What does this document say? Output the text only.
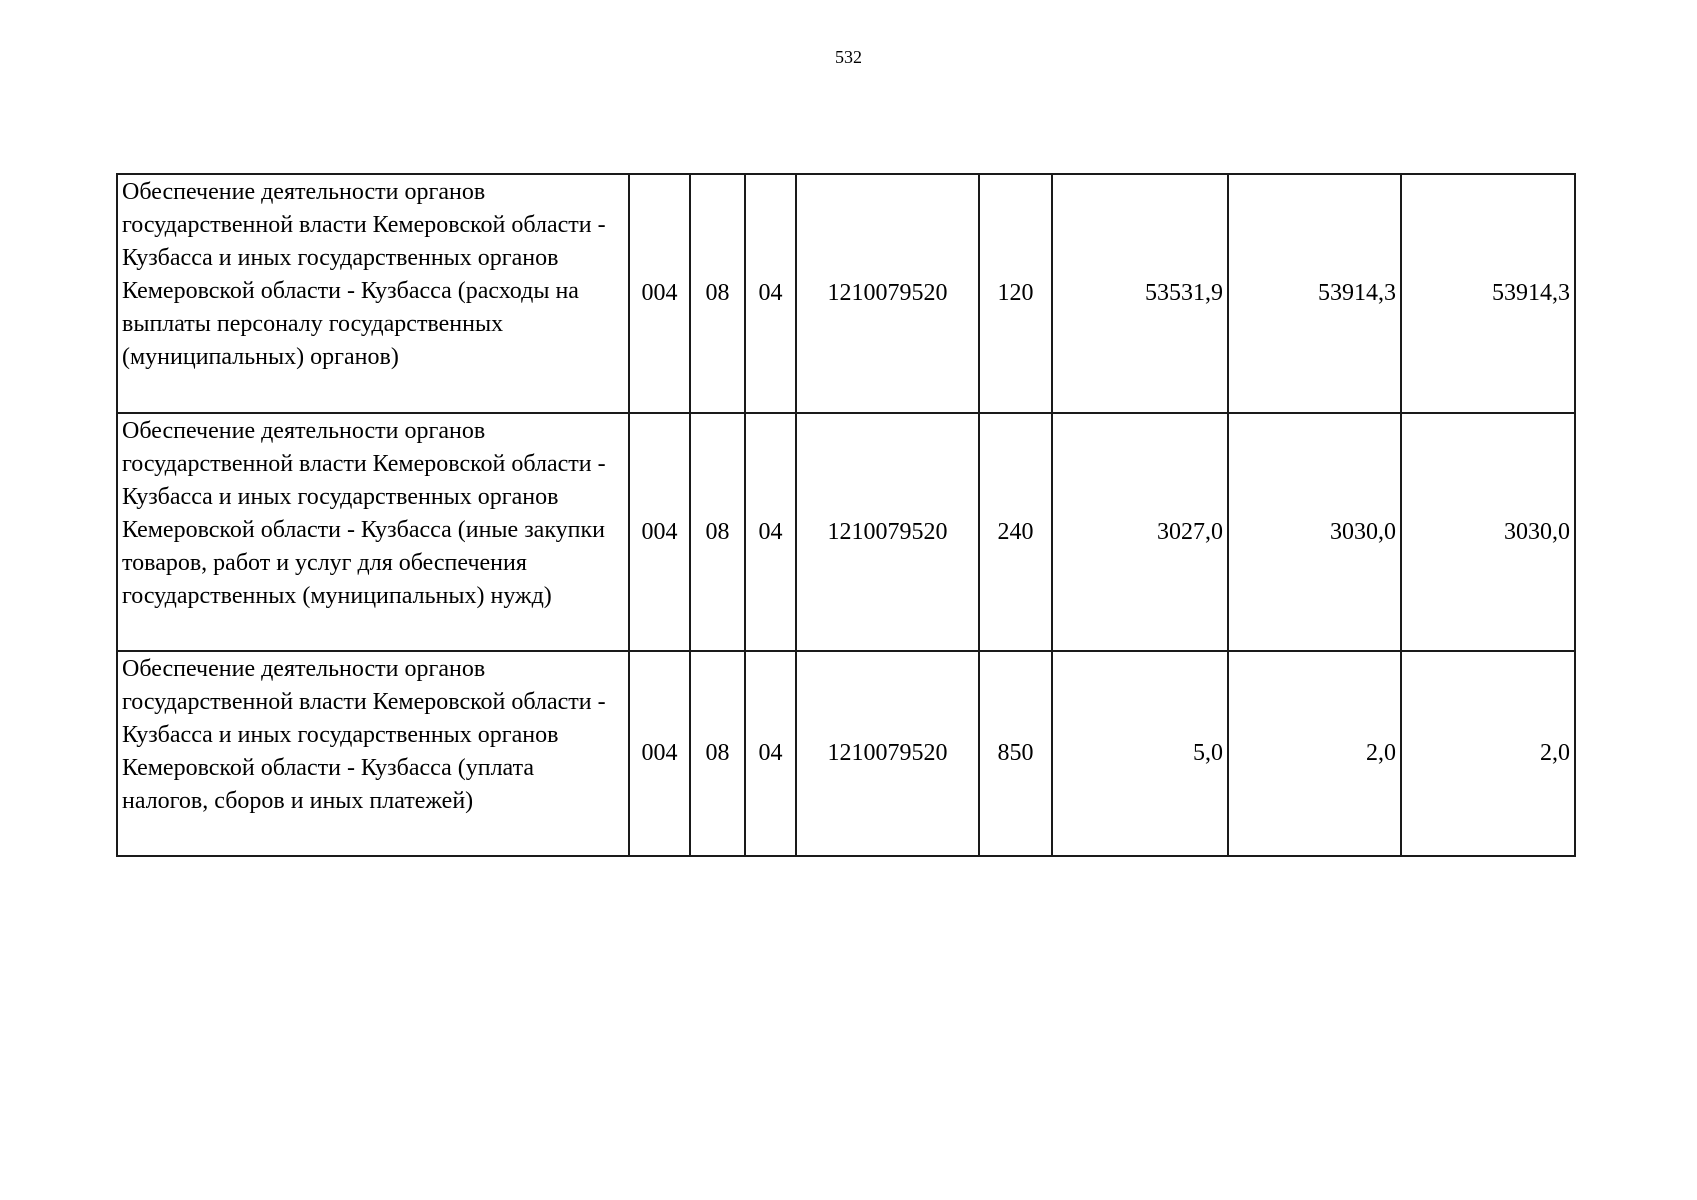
532
Обеспечение деятельности органов государственной власти Кемеровской области - Кузбасса и иных государственных органов Кемеровской области - Кузбасса (расходы на выплаты персоналу государственных (муниципальных) органов)	004	08	04	1210079520	120	53531,9	53914,3	53914,3
Обеспечение деятельности органов государственной власти Кемеровской области - Кузбасса и иных государственных органов Кемеровской области - Кузбасса (иные закупки товаров, работ и услуг для обеспечения государственных (муниципальных) нужд)	004	08	04	1210079520	240	3027,0	3030,0	3030,0
Обеспечение деятельности органов государственной власти Кемеровской области - Кузбасса и иных государственных органов Кемеровской области - Кузбасса (уплата налогов, сборов и иных платежей)	004	08	04	1210079520	850	5,0	2,0	2,0
